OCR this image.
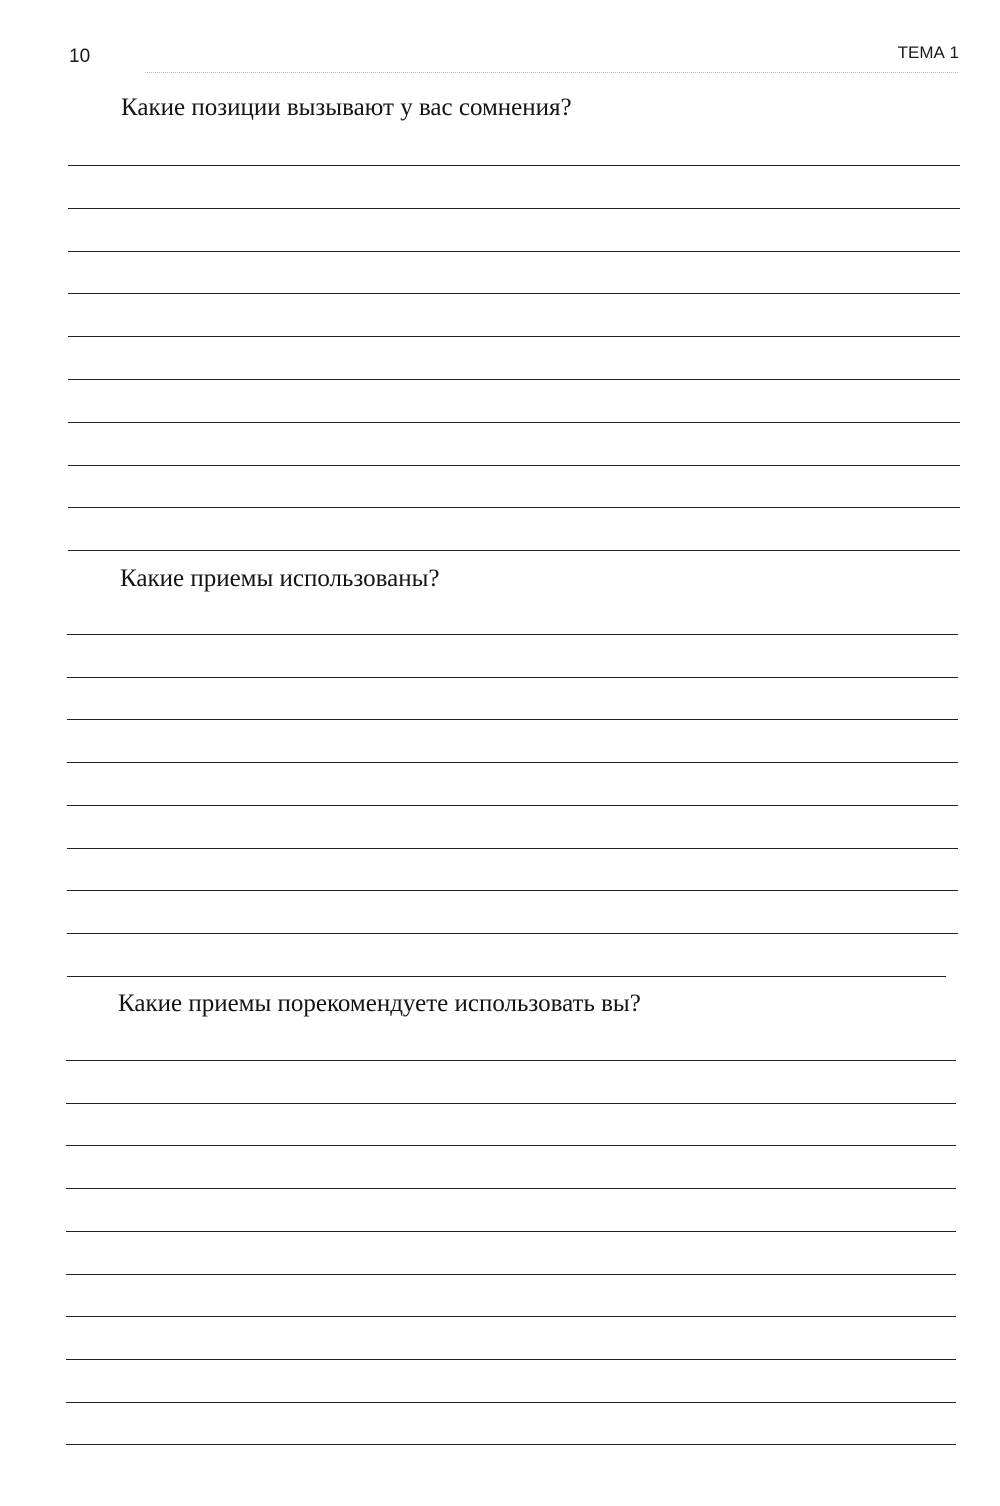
10	ТЕМА 1
Какие позиции вызывают у вас сомнения?
Какие приемы использованы?
Какие приемы порекомендуете использовать вы?
